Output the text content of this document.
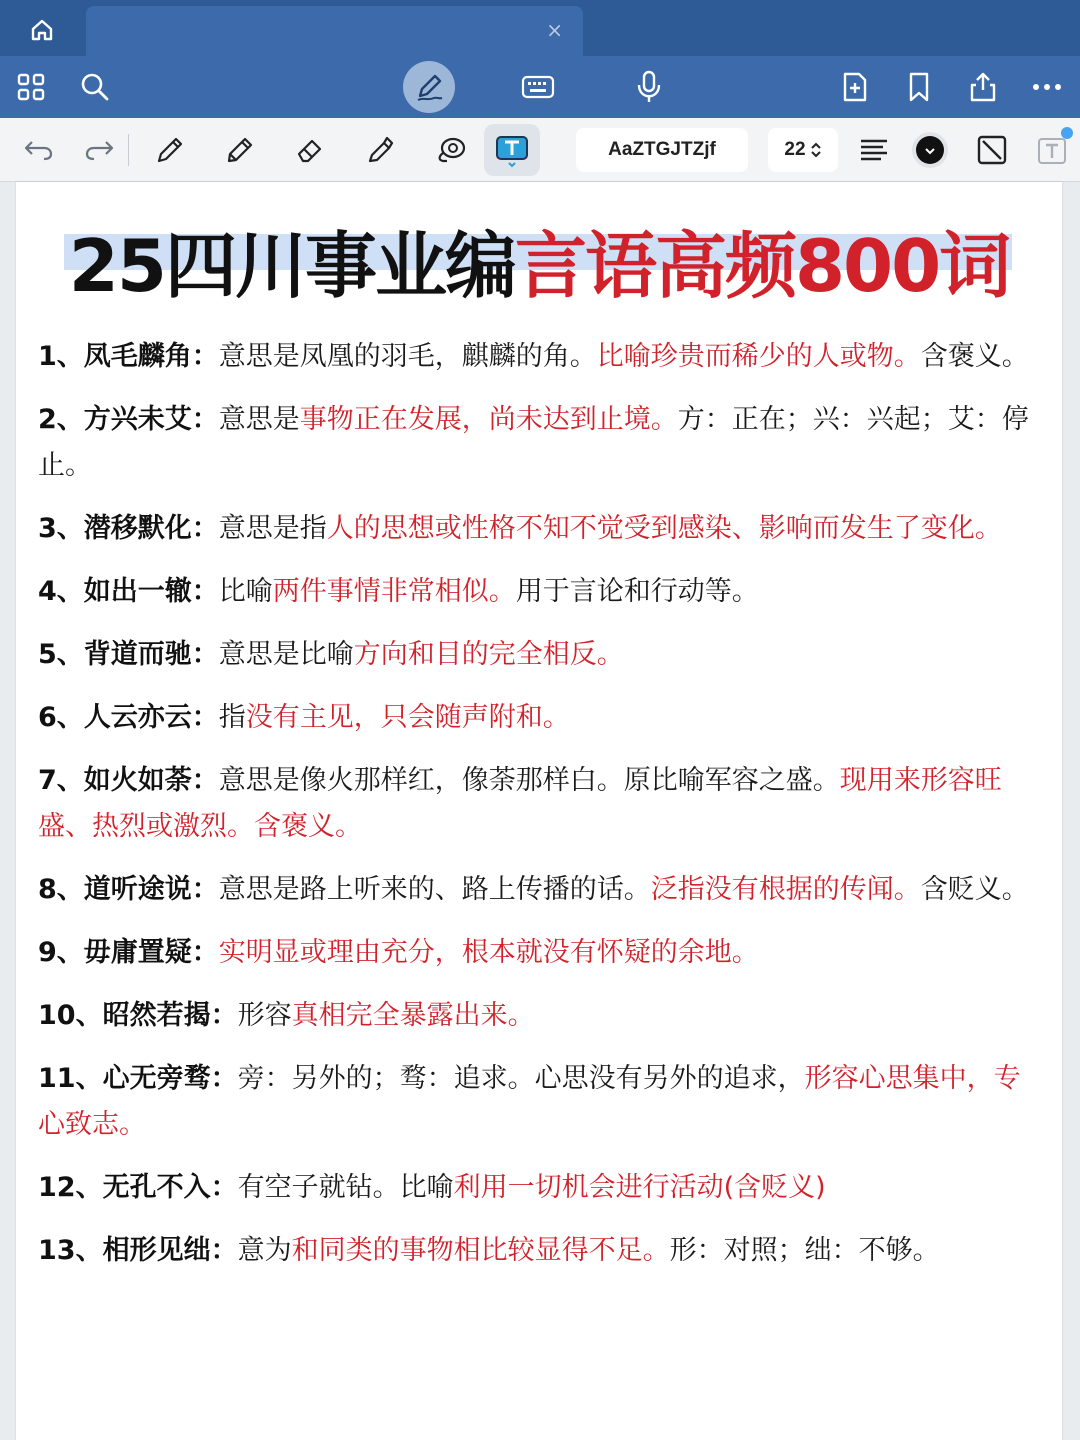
×
AaZTGJTZjf	22
25四川事业编言语高频800词

1、凤毛麟角：意思是凤凰的羽毛，麒麟的角。比喻珍贵而稀少的人或物。含褒义。

2、方兴未艾：意思是事物正在发展，尚未达到止境。方：正在；兴：兴起；艾：停止。

3、潜移默化：意思是指人的思想或性格不知不觉受到感染、影响而发生了变化。

4、如出一辙：比喻两件事情非常相似。用于言论和行动等。

5、背道而驰：意思是比喻方向和目的完全相反。

6、人云亦云：指没有主见，只会随声附和。

7、如火如荼：意思是像火那样红，像荼那样白。原比喻军容之盛。现用来形容旺盛、热烈或激烈。含褒义。

8、道听途说：意思是路上听来的、路上传播的话。泛指没有根据的传闻。含贬义。

9、毋庸置疑：实明显或理由充分，根本就没有怀疑的余地。

10、昭然若揭：形容真相完全暴露出来。

11、心无旁骛：旁：另外的；骛：追求。心思没有另外的追求，形容心思集中，专心致志。

12、无孔不入：有空子就钻。比喻利用一切机会进行活动(含贬义)

13、相形见绌：意为和同类的事物相比较显得不足。形：对照；绌：不够。
